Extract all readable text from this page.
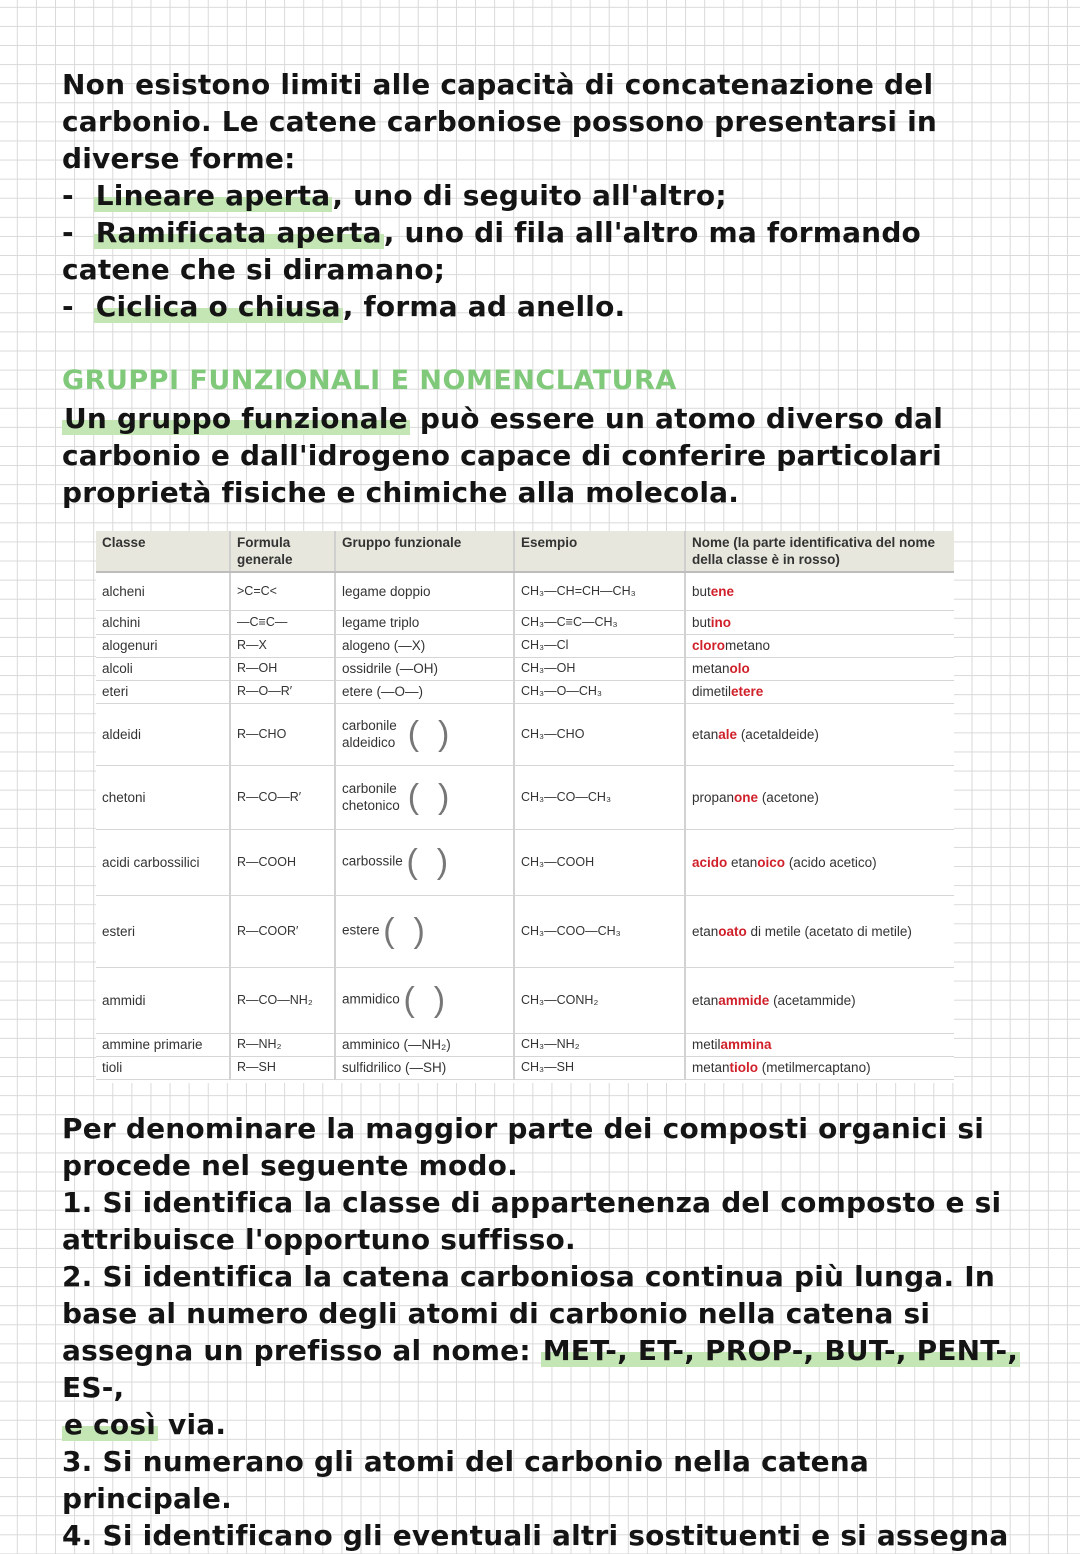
Non esistono limiti alle capacità di concatenazione del
carbonio. Le catene carboniose possono presentarsi in
diverse forme:
- Lineare aperta, uno di seguito all'altro;
- Ramificata aperta, uno di fila all'altro ma formando
catene che si diramano;
- Ciclica o chiusa, forma ad anello.
GRUPPI FUNZIONALI E NOMENCLATURA
Un gruppo funzionale può essere un atomo diverso dal
carbonio e dall'idrogeno capace di conferire particolari
proprietà fisiche e chimiche alla molecola.
Classe	Formula generale	Gruppo funzionale	Esempio	Nome (la parte identificativa del nome della classe è in rosso)
alcheni	>C=C<	legame doppio	CH₃—CH=CH—CH₃	butene
alchini	—C≡C—	legame triplo	CH₃—C≡C—CH₃	butino
alogenuri	R—X	alogeno (—X)	CH₃—Cl	clorometano
alcoli	R—OH	ossidrile (—OH)	CH₃—OH	metanolo
eteri	R—O—R′	etere (—O—)	CH₃—O—CH₃	dimetiletere
aldeidi	R—CHO	carbonile aldeidico (  )	CH₃—CHO	etanale (acetaldeide)
chetoni	R—CO—R′	carbonile chetonico (  )	CH₃—CO—CH₃	propanone (acetone)
acidi carbossilici	R—COOH	carbossile (  )	CH₃—COOH	acido etanoico (acido acetico)
esteri	R—COOR′	estere (  )	CH₃—COO—CH₃	etanoato di metile (acetato di metile)
ammidi	R—CO—NH₂	ammidico (  )	CH₃—CONH₂	etanammide (acetammide)
ammine primarie	R—NH₂	amminico (—NH₂)	CH₃—NH₂	metilammina
tioli	R—SH	sulfidrilico (—SH)	CH₃—SH	metantiolo (metilmercaptano)
Per denominare la maggior parte dei composti organici si
procede nel seguente modo.
1. Si identifica la classe di appartenenza del composto e si
attribuisce l'opportuno suffisso.
2. Si identifica la catena carboniosa continua più lunga. In
base al numero degli atomi di carbonio nella catena si
assegna un prefisso al nome: MET-, ET-, PROP-, BUT-, PENT-, ES-,
e così via.
3. Si numerano gli atomi del carbonio nella catena principale.
4. Si identificano gli eventuali altri sostituenti e si assegna
